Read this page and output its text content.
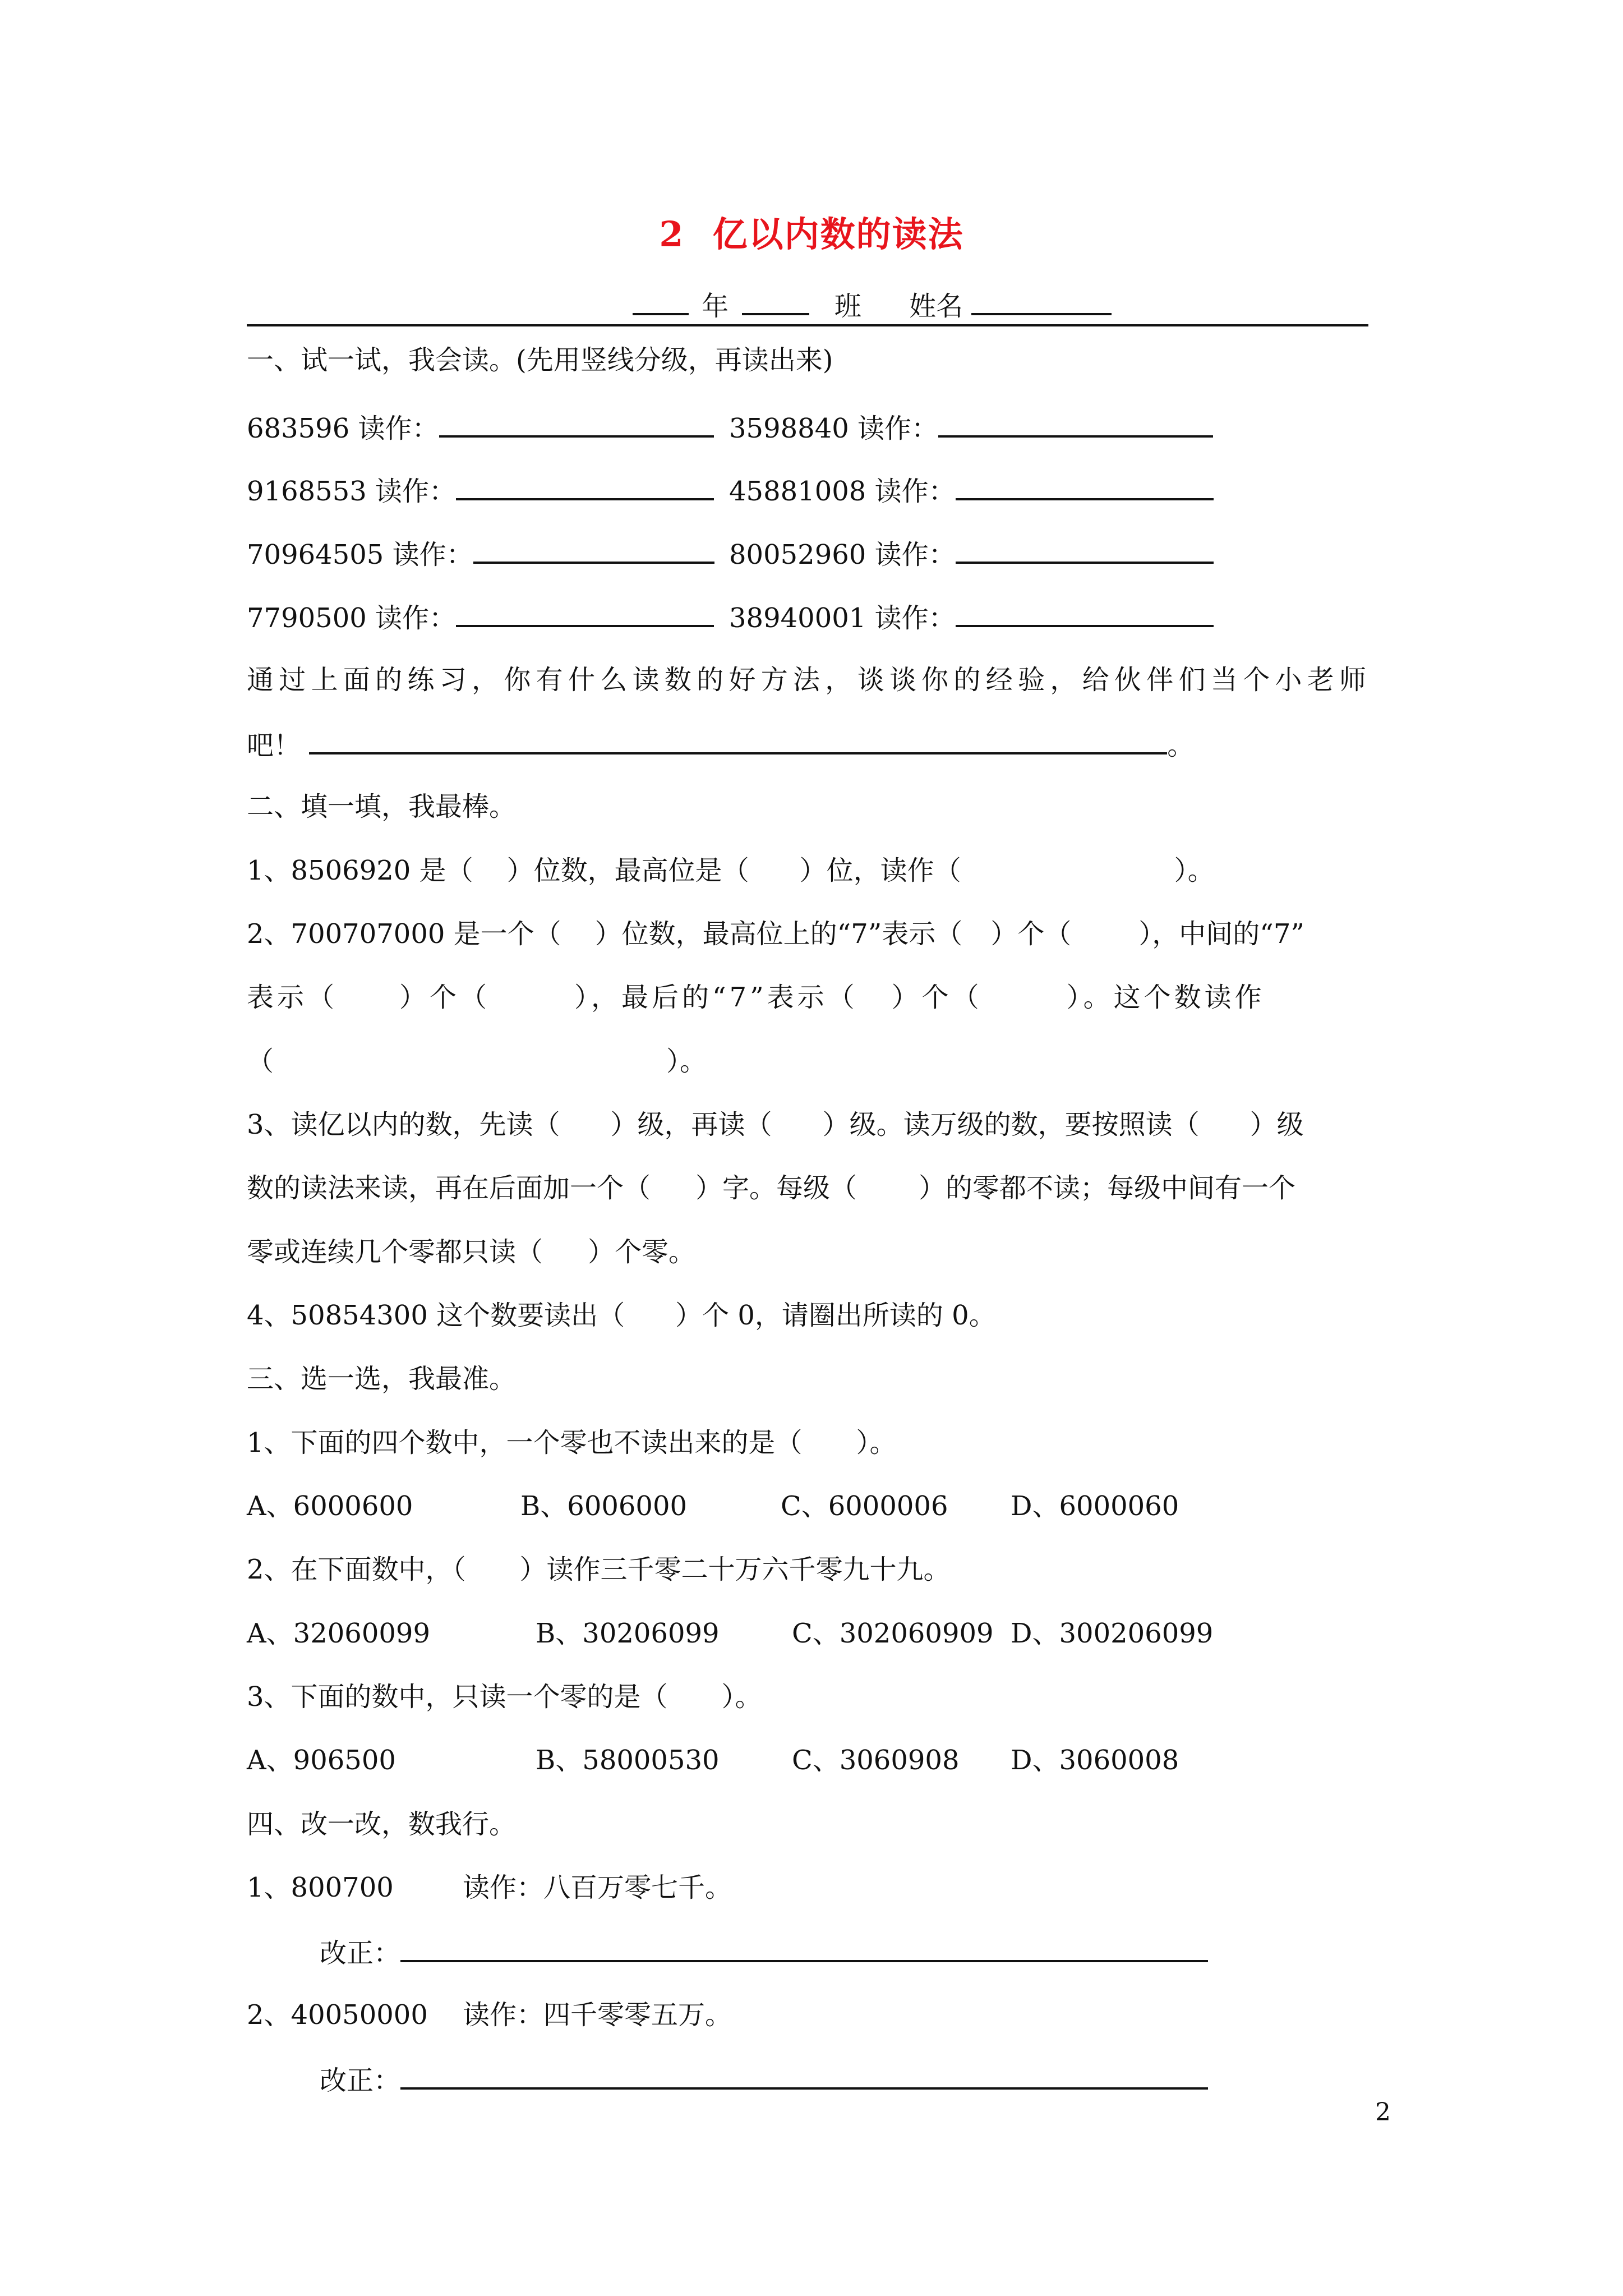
2 亿以内数的读法
年	班 姓名
一、试一试，我会读。(先用竖线分级，再读出来)
683596 读作：	3598840 读作：
9168553 读作：	45881008 读作：
70964505 读作：	80052960 读作：
7790500 读作：	38940001 读作：
通过上面的练习，你有什么读数的好方法，谈谈你的经验，给伙伴们当个小老师
吧！	。
二、填一填，我最棒。
1、8506920 是（ ）位数，最高位是（ ）位，读作（	）。
2、700707000 是一个（ ）位数，最高位上的“7”表示（ ）个（	），中间的“7”
表示（ ）个（	），最后的“7”表示（ ）个（	）。这个数读作
（	）。
3、读亿以内的数，先读（ ）级，再读（ ）级。读万级的数，要按照读（ ）级
数的读法来读，再在后面加一个（ ）字。每级（ ）的零都不读；每级中间有一个
零或连续几个零都只读（ ）个零。
4、50854300 这个数要读出（ ）个 0，请圈出所读的 0。
三、选一选，我最准。
1、下面的四个数中，一个零也不读出来的是（　　）。
A、6000600	B、6006000	C、6000006 D、6000060
2、在下面数中，（　　）读作三千零二十万六千零九十九。
A、32060099	B、30206099	C、302060909 D、300206099
3、下面的数中，只读一个零的是（　　）。
A、906500	B、58000530	C、3060908 D、3060008
四、改一改，数我行。
1、800700	读作：八百万零七千。
改正：
2、40050000 读作：四千零零五万。
改正：
2
